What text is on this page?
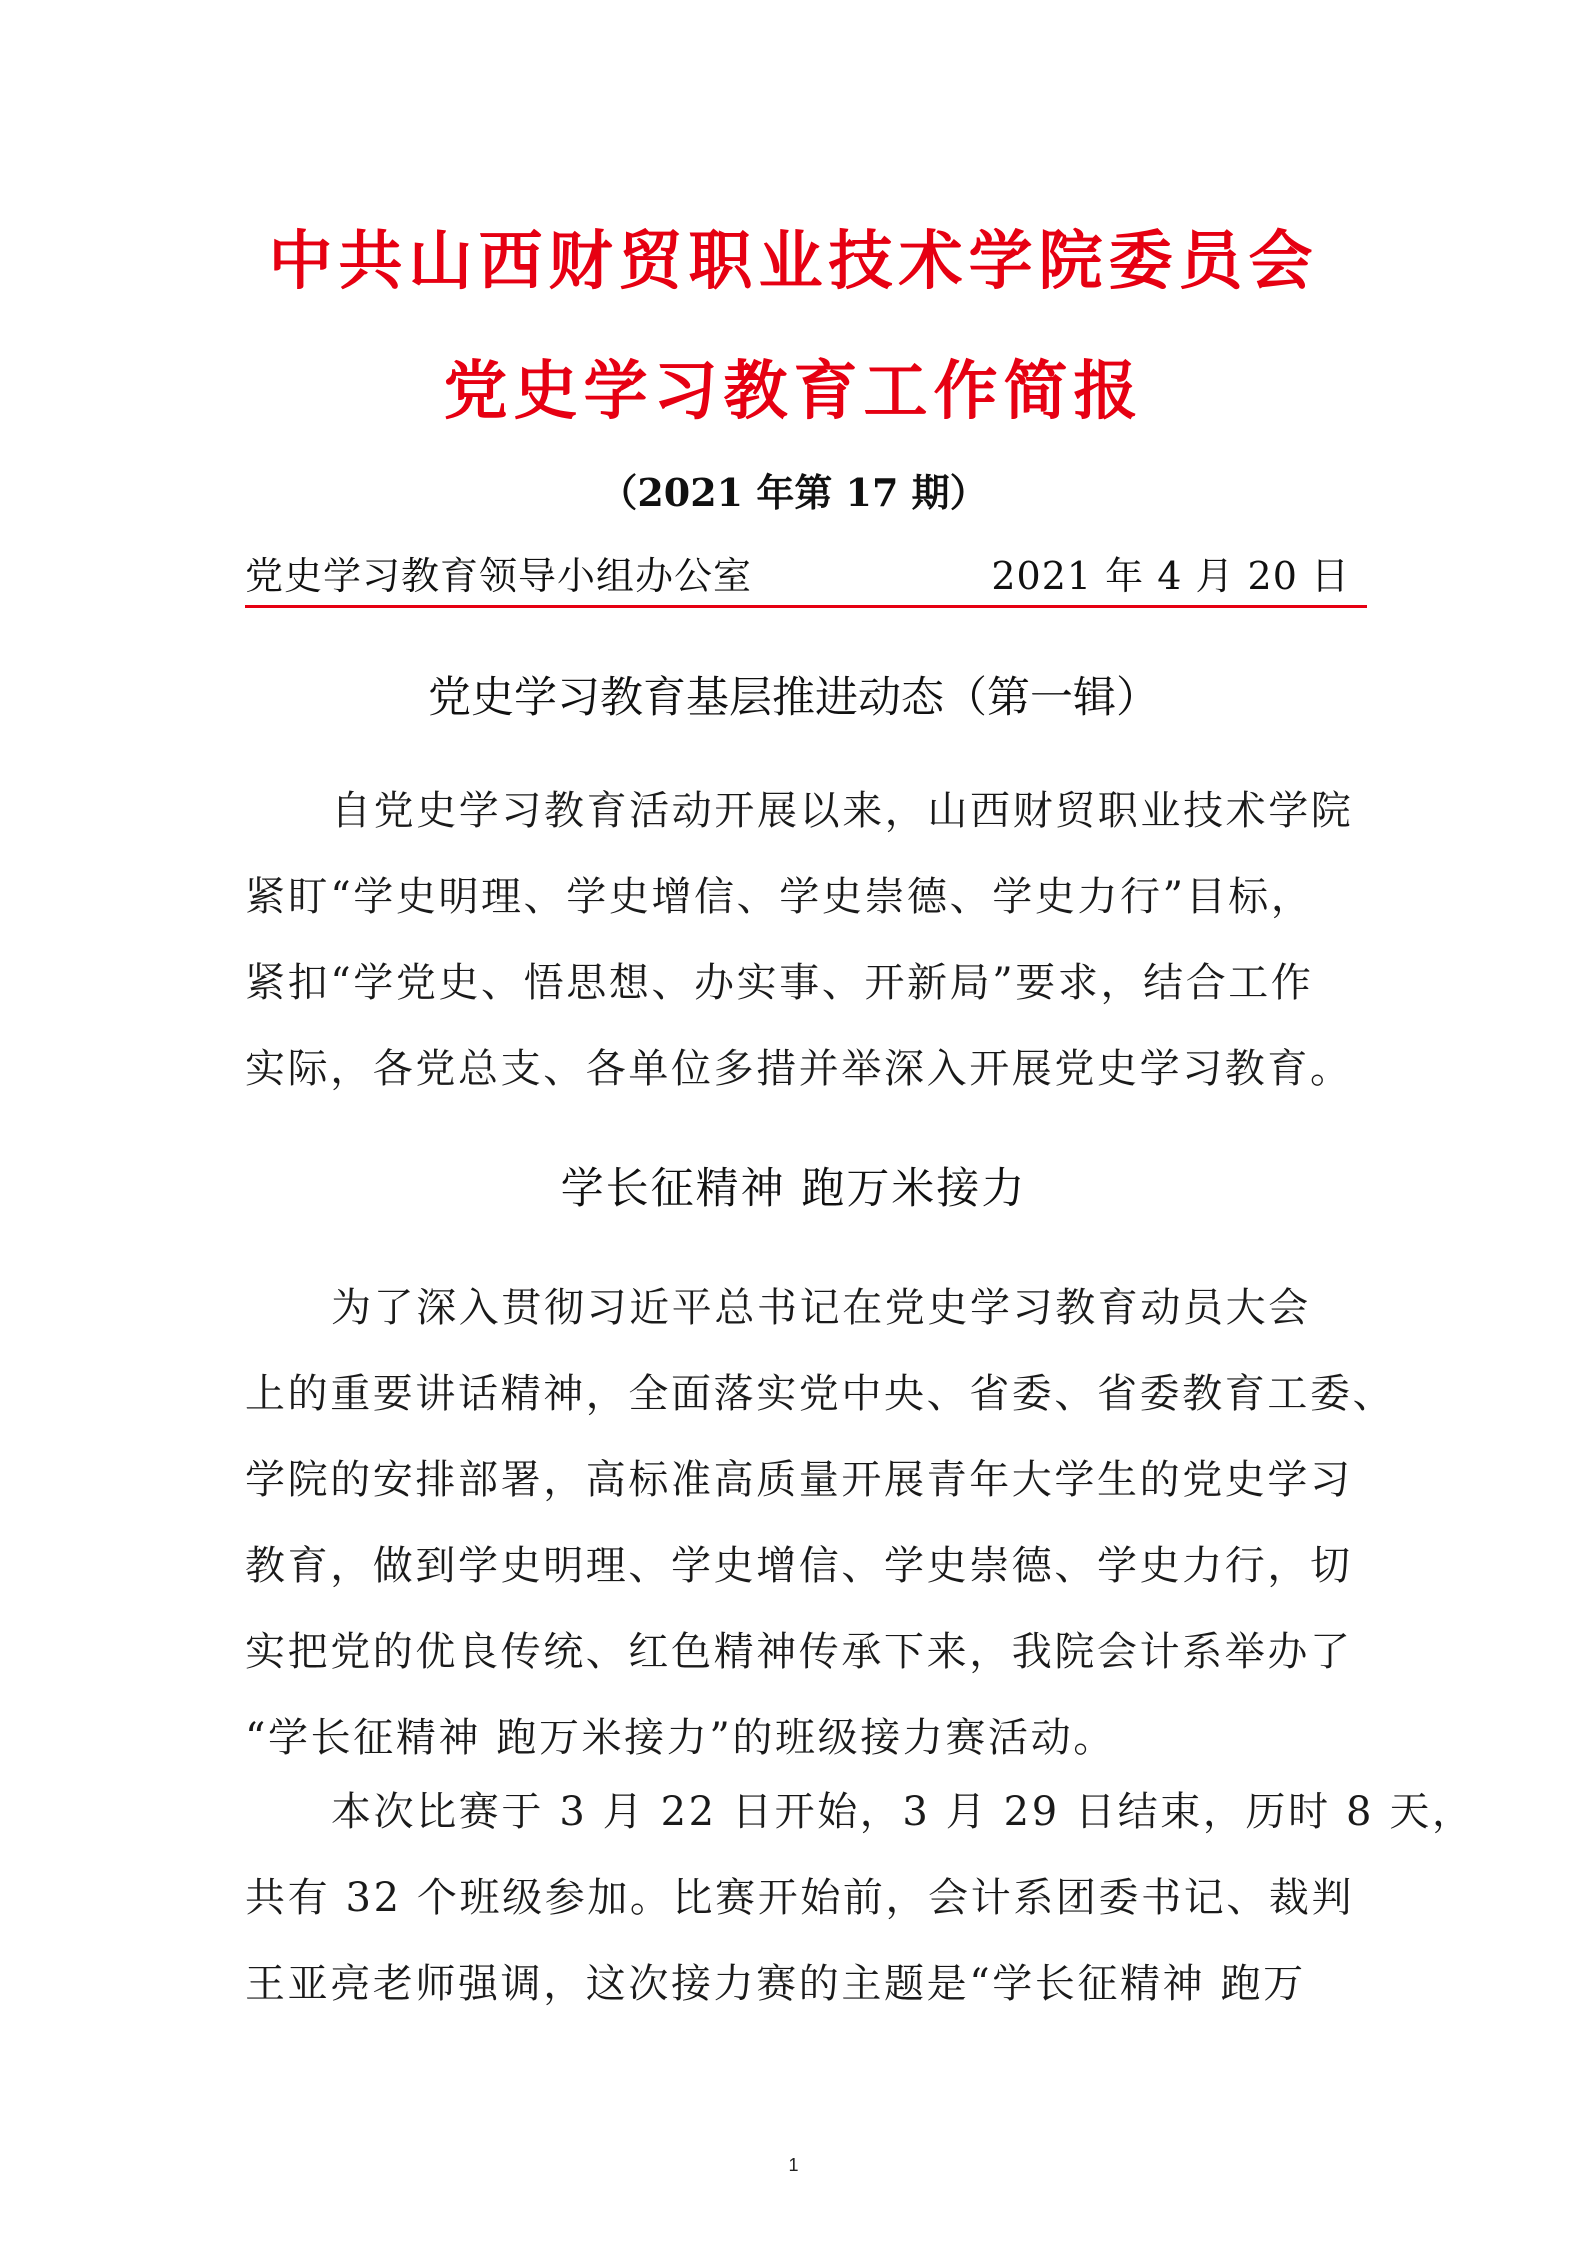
中共山西财贸职业技术学院委员会
党史学习教育工作简报
（2021 年第 17 期）
党史学习教育领导小组办公室	2021 年 4 月 20 日
党史学习教育基层推进动态（第一辑）
自党史学习教育活动开展以来，山西财贸职业技术学院
紧盯“学史明理、学史增信、学史崇德、学史力行”目标，
紧扣“学党史、悟思想、办实事、开新局”要求，结合工作
实际，各党总支、各单位多措并举深入开展党史学习教育。
学长征精神 跑万米接力
为了深入贯彻习近平总书记在党史学习教育动员大会
上的重要讲话精神，全面落实党中央、省委、省委教育工委、
学院的安排部署，高标准高质量开展青年大学生的党史学习
教育，做到学史明理、学史增信、学史崇德、学史力行，切
实把党的优良传统、红色精神传承下来，我院会计系举办了
“学长征精神 跑万米接力”的班级接力赛活动。
本次比赛于 3 月 22 日开始，3 月 29 日结束，历时 8 天，
共有 32 个班级参加。比赛开始前，会计系团委书记、裁判
王亚亮老师强调，这次接力赛的主题是“学长征精神 跑万
1
